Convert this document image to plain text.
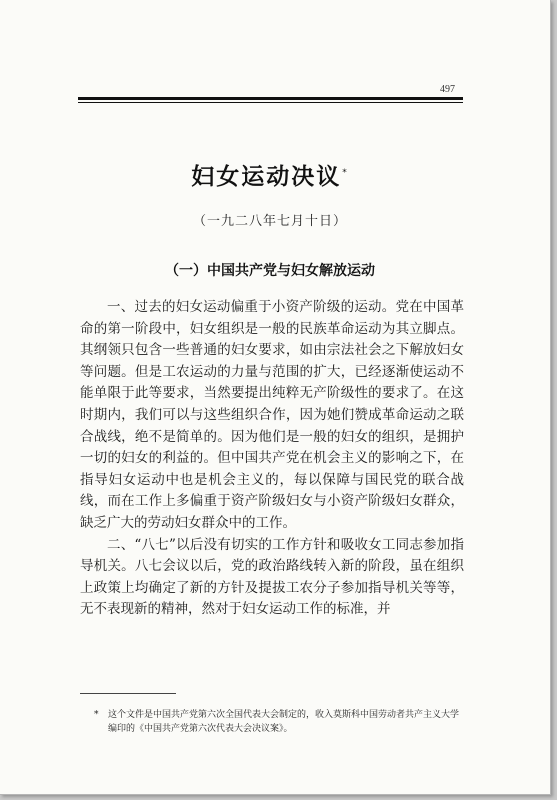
497
妇女运动决议*
（一九二八年七月十日）
（一）中国共产党与妇女解放运动

一、过去的妇女运动偏重于小资产阶级的运动。党在中国革命的第一阶段中，妇女组织是一般的民族革命运动为其立脚点。其纲领只包含一些普通的妇女要求，如由宗法社会之下解放妇女等问题。但是工农运动的力量与范围的扩大，已经逐渐使运动不能单限于此等要求，当然要提出纯粹无产阶级性的要求了。在这时期内，我们可以与这些组织合作，因为她们赞成革命运动之联合战线，绝不是简单的。因为他们是一般的妇女的组织，是拥护一切的妇女的利益的。但中国共产党在机会主义的影响之下，在指导妇女运动中也是机会主义的，每以保障与国民党的联合战线，而在工作上多偏重于资产阶级妇女与小资产阶级妇女群众，缺乏广大的劳动妇女群众中的工作。

二、“八七”以后没有切实的工作方针和吸收女工同志参加指导机关。八七会议以后，党的政治路线转入新的阶段，虽在组织上政策上均确定了新的方针及提拔工农分子参加指导机关等等，无不表现新的精神，然对于妇女运动工作的标准，并

*	这个文件是中国共产党第六次全国代表大会制定的，收入莫斯科中国劳动者共产主义大学编印的《中国共产党第六次代表大会决议案》。
